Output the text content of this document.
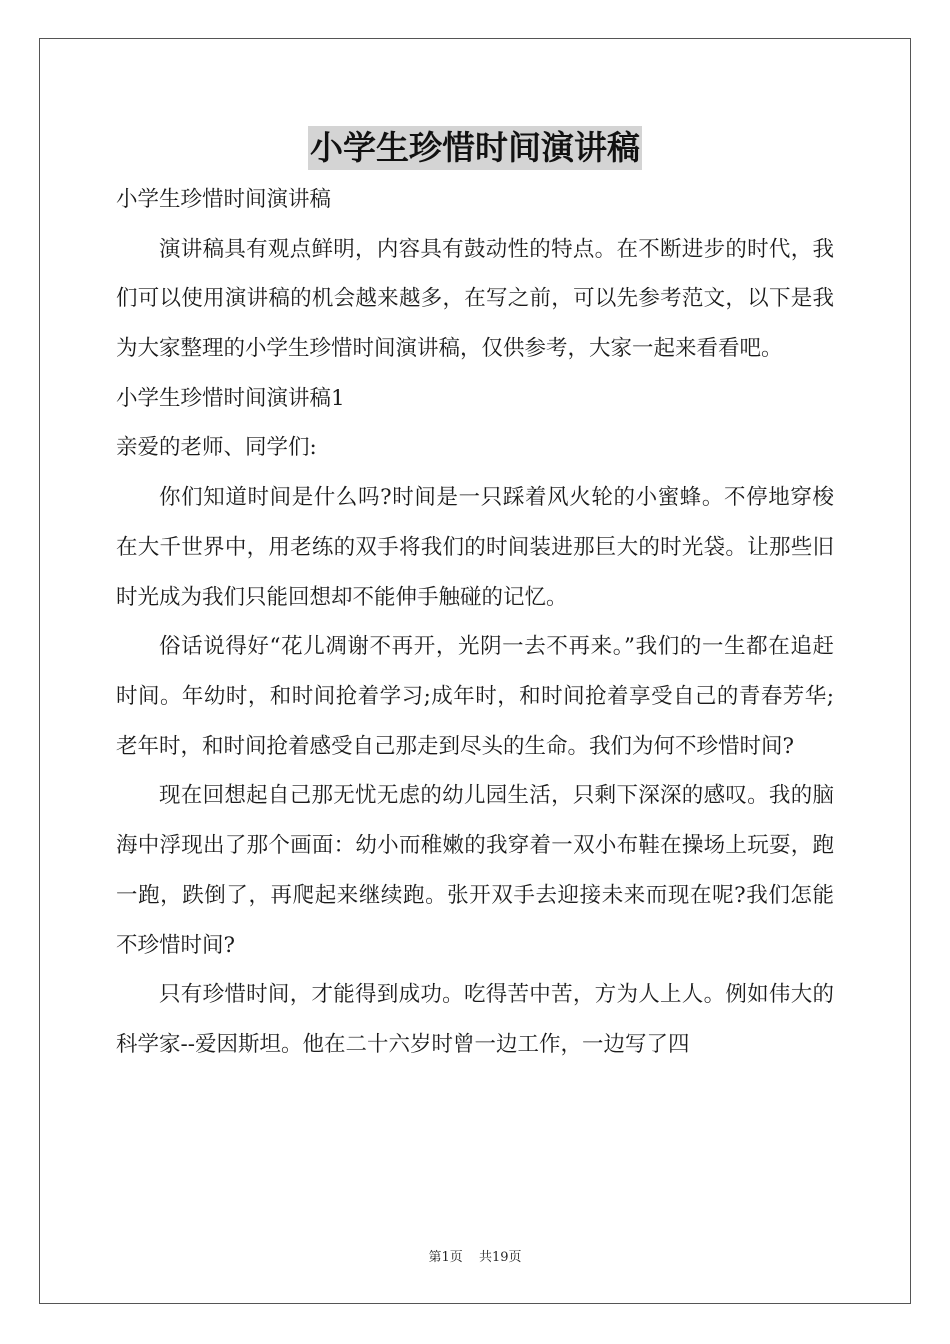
小学生珍惜时间演讲稿
小学生珍惜时间演讲稿

演讲稿具有观点鲜明，内容具有鼓动性的特点。在不断进步的时代，我们可以使用演讲稿的机会越来越多，在写之前，可以先参考范文，以下是我为大家整理的小学生珍惜时间演讲稿，仅供参考，大家一起来看看吧。

小学生珍惜时间演讲稿1
亲爱的老师、同学们:

你们知道时间是什么吗?时间是一只踩着风火轮的小蜜蜂。不停地穿梭在大千世界中，用老练的双手将我们的时间装进那巨大的时光袋。让那些旧时光成为我们只能回想却不能伸手触碰的记忆。

俗话说得好“花儿凋谢不再开，光阴一去不再来。”我们的一生都在追赶时间。年幼时，和时间抢着学习;成年时，和时间抢着享受自己的青春芳华;老年时，和时间抢着感受自己那走到尽头的生命。我们为何不珍惜时间?

现在回想起自己那无忧无虑的幼儿园生活，只剩下深深的感叹。我的脑海中浮现出了那个画面：幼小而稚嫩的我穿着一双小布鞋在操场上玩耍，跑一跑，跌倒了，再爬起来继续跑。张开双手去迎接未来而现在呢?我们怎能不珍惜时间?

只有珍惜时间，才能得到成功。吃得苦中苦，方为人上人。例如伟大的科学家--爱因斯坦。他在二十六岁时曾一边工作，一边写了四

第1页 共19页
